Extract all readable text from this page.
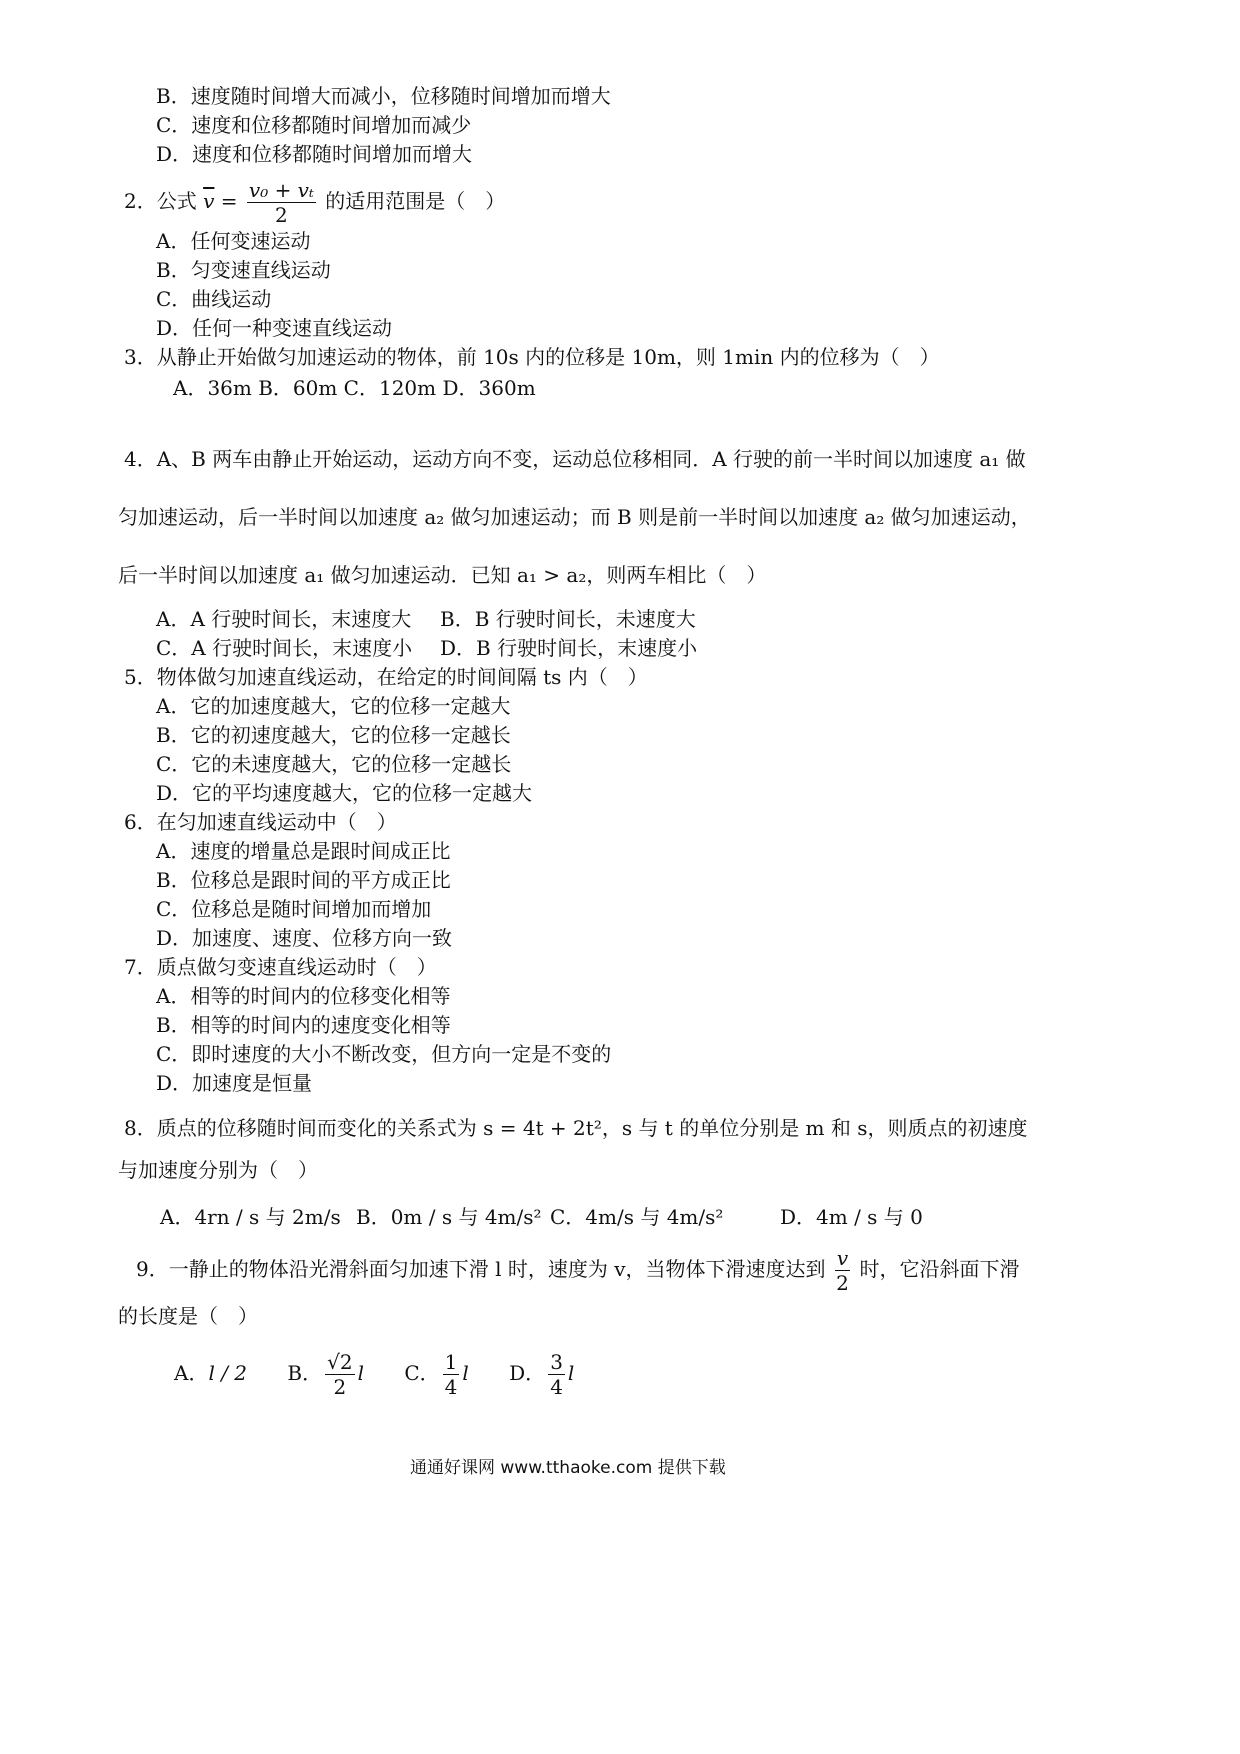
B．速度随时间增大而减小，位移随时间增加而增大
C．速度和位移都随时间增加而减少
D．速度和位移都随时间增加而增大
2．公式 $\overline{v} = \frac{\text{v₀ + vₜ}}{2}$ 的适用范围是（　）
A．任何变速运动
B．匀变速直线运动
C．曲线运动
D．任何一种变速直线运动
3．从静止开始做匀加速运动的物体，前 10s 内的位移是 10m，则 1min 内的位移为（　）
A．36m B．60m C．120m D．360m
4．A、B 两车由静止开始运动，运动方向不变，运动总位移相同．A 行驶的前一半时间以加速度 a₁ 做
匀加速运动，后一半时间以加速度 a₂ 做匀加速运动；而 B 则是前一半时间以加速度 a₂ 做匀加速运动，
后一半时间以加速度 a₁ 做匀加速运动．已知 a₁ > a₂，则两车相比（　）
A．A 行驶时间长，末速度大 B．B 行驶时间长，未速度大
C．A 行驶时间长，末速度小 D．B 行驶时间长，末速度小
5．物体做匀加速直线运动，在给定的时间间隔 ts 内（　）
A．它的加速度越大，它的位移一定越大
B．它的初速度越大，它的位移一定越长
C．它的未速度越大，它的位移一定越长
D．它的平均速度越大，它的位移一定越大
6．在匀加速直线运动中（　）
A．速度的增量总是跟时间成正比
B．位移总是跟时间的平方成正比
C．位移总是随时间增加而增加
D．加速度、速度、位移方向一致
7．质点做匀变速直线运动时（　）
A．相等的时间内的位移变化相等
B．相等的时间内的速度变化相等
C．即时速度的大小不断改变，但方向一定是不变的
D．加速度是恒量
8．质点的位移随时间而变化的关系式为 s = 4t + 2t²，s 与 t 的单位分别是 m 和 s，则质点的初速度
与加速度分别为（　）
A．4rn / s 与 2m/s B．0m / s 与 4m/s² C．4m/s 与 4m/s²	D．4m / s 与 0
9．一静止的物体沿光滑斜面匀加速下滑 l 时，速度为 v，当物体下滑速度达到 $\frac{v}{2}$ 时，它沿斜面下滑
的长度是（　）
A．l / 2 B． $\frac{√2}{2}$ l C． $\frac{1}{4}$ l D． $\frac{3}{4}$ l
通通好课网 www.tthaoke.com 提供下载
